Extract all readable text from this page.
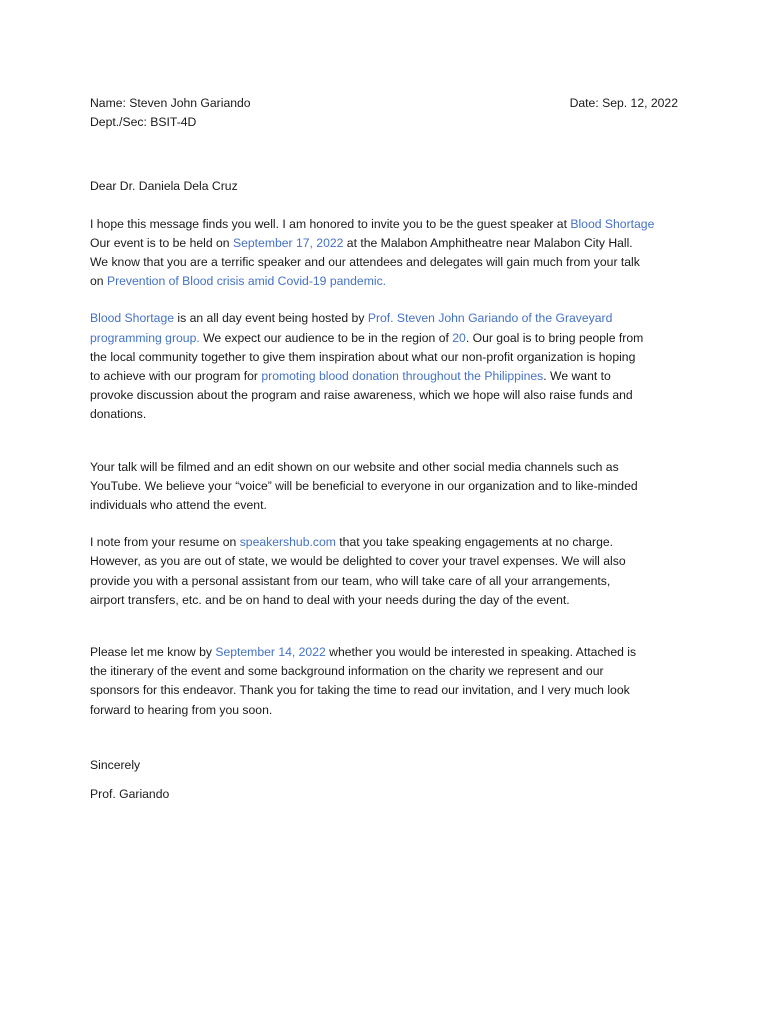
Name: Steven John Gariando	Date: Sep. 12, 2022
Dept./Sec: BSIT-4D
Dear Dr. Daniela Dela Cruz

I hope this message finds you well. I am honored to invite you to be the guest speaker at Blood Shortage
Our event is to be held on September 17, 2022 at the Malabon Amphitheatre near Malabon City Hall.
We know that you are a terrific speaker and our attendees and delegates will gain much from your talk
on Prevention of Blood crisis amid Covid-19 pandemic.

Blood Shortage is an all day event being hosted by Prof. Steven John Gariando of the Graveyard
programming group. We expect our audience to be in the region of 20. Our goal is to bring people from
the local community together to give them inspiration about what our non-profit organization is hoping
to achieve with our program for promoting blood donation throughout the Philippines. We want to
provoke discussion about the program and raise awareness, which we hope will also raise funds and
donations.

Your talk will be filmed and an edit shown on our website and other social media channels such as
YouTube. We believe your “voice” will be beneficial to everyone in our organization and to like-minded
individuals who attend the event.

I note from your resume on speakershub.com that you take speaking engagements at no charge.
However, as you are out of state, we would be delighted to cover your travel expenses. We will also
provide you with a personal assistant from our team, who will take care of all your arrangements,
airport transfers, etc. and be on hand to deal with your needs during the day of the event.

Please let me know by September 14, 2022 whether you would be interested in speaking. Attached is
the itinerary of the event and some background information on the charity we represent and our
sponsors for this endeavor. Thank you for taking the time to read our invitation, and I very much look
forward to hearing from you soon.

Sincerely
Prof. Gariando
